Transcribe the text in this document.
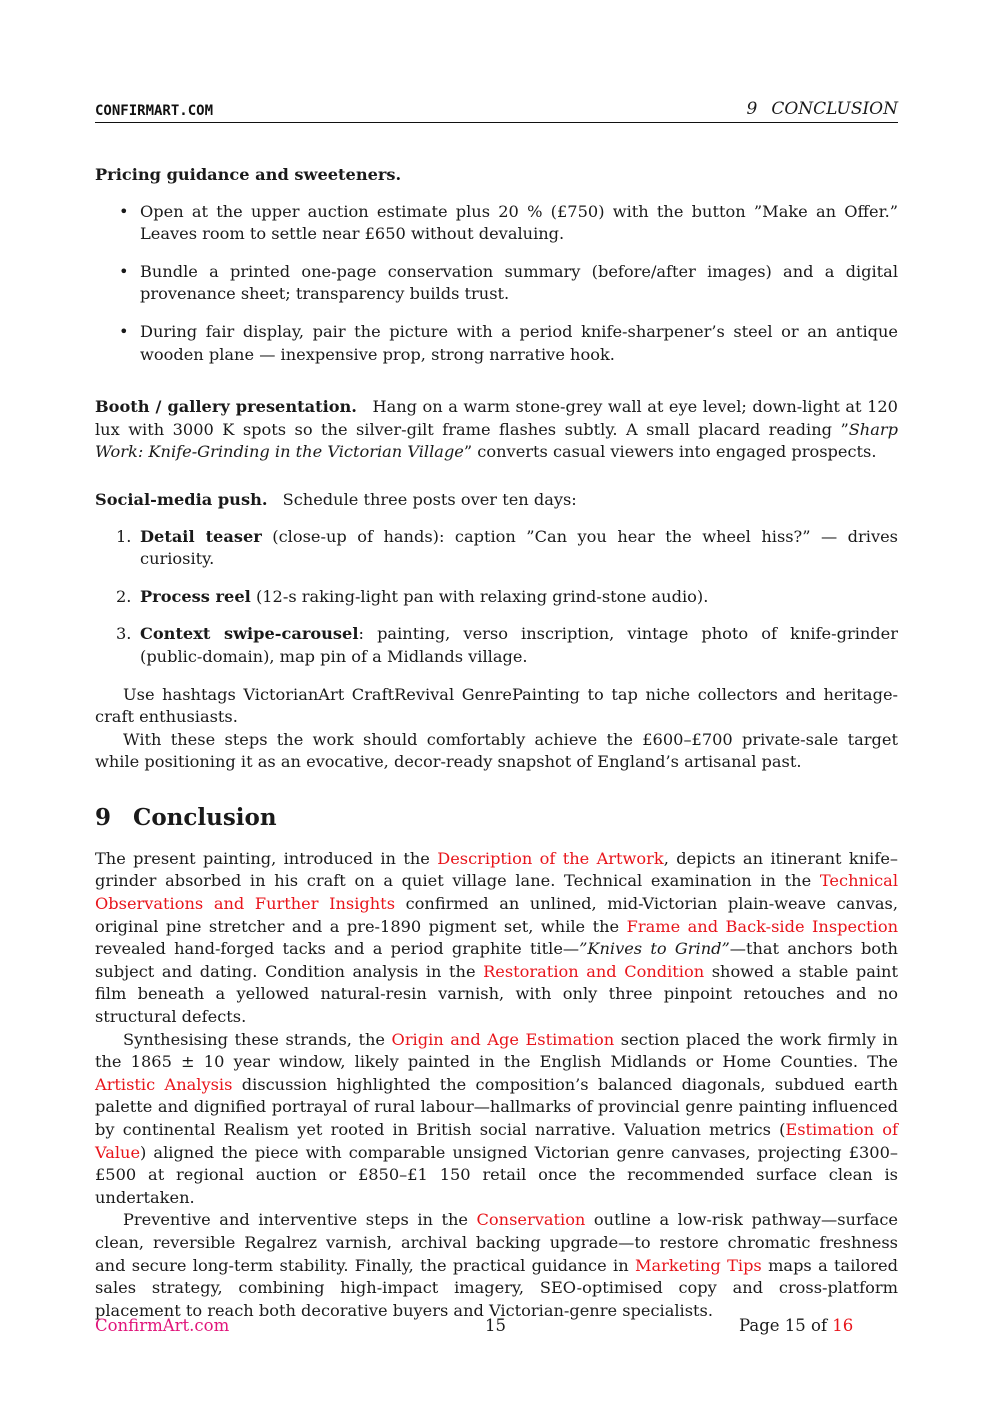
CONFIRMART.COM	9 CONCLUSION

Pricing guidance and sweeteners.

• Open at the upper auction estimate plus 20 % (£750) with the button ”Make an Offer.” Leaves room to settle near £650 without devaluing.
• Bundle a printed one-page conservation summary (before/after images) and a digital provenance sheet; transparency builds trust.
• During fair display, pair the picture with a period knife-sharpener’s steel or an antique wooden plane — inexpensive prop, strong narrative hook.

Booth / gallery presentation. Hang on a warm stone-grey wall at eye level; down-light at 120 lux with 3000 K spots so the silver-gilt frame flashes subtly. A small placard reading ”Sharp Work: Knife-Grinding in the Victorian Village” converts casual viewers into engaged prospects.

Social-media push. Schedule three posts over ten days:

1. Detail teaser (close-up of hands): caption ”Can you hear the wheel hiss?” — drives curiosity.
2. Process reel (12-s raking-light pan with relaxing grind-stone audio).
3. Context swipe-carousel: painting, verso inscription, vintage photo of knife-grinder (public-domain), map pin of a Midlands village.

Use hashtags VictorianArt CraftRevival GenrePainting to tap niche collectors and heritage-craft enthusiasts.

With these steps the work should comfortably achieve the £600–£700 private-sale target while positioning it as an evocative, decor-ready snapshot of England’s artisanal past.

9 Conclusion

The present painting, introduced in the Description of the Artwork, depicts an itinerant knife–grinder absorbed in his craft on a quiet village lane. Technical examination in the Technical Observations and Further Insights confirmed an unlined, mid-Victorian plain-weave canvas, original pine stretcher and a pre-1890 pigment set, while the Frame and Back-side Inspection revealed hand-forged tacks and a period graphite title—”Knives to Grind”—that anchors both subject and dating. Condition analysis in the Restoration and Condition showed a stable paint film beneath a yellowed natural-resin varnish, with only three pinpoint retouches and no structural defects.

Synthesising these strands, the Origin and Age Estimation section placed the work firmly in the 1865 ± 10 year window, likely painted in the English Midlands or Home Counties. The Artistic Analysis discussion highlighted the composition’s balanced diagonals, subdued earth palette and dignified portrayal of rural labour—hallmarks of provincial genre painting influenced by continental Realism yet rooted in British social narrative. Valuation metrics (Estimation of Value) aligned the piece with comparable unsigned Victorian genre canvases, projecting £300–£500 at regional auction or £850–£1 150 retail once the recommended surface clean is undertaken.

Preventive and interventive steps in the Conservation outline a low-risk pathway—surface clean, reversible Regalrez varnish, archival backing upgrade—to restore chromatic freshness and secure long-term stability. Finally, the practical guidance in Marketing Tips maps a tailored sales strategy, combining high-impact imagery, SEO-optimised copy and cross-platform placement to reach both decorative buyers and Victorian-genre specialists.

ConfirmArt.com	15	Page 15 of 16
